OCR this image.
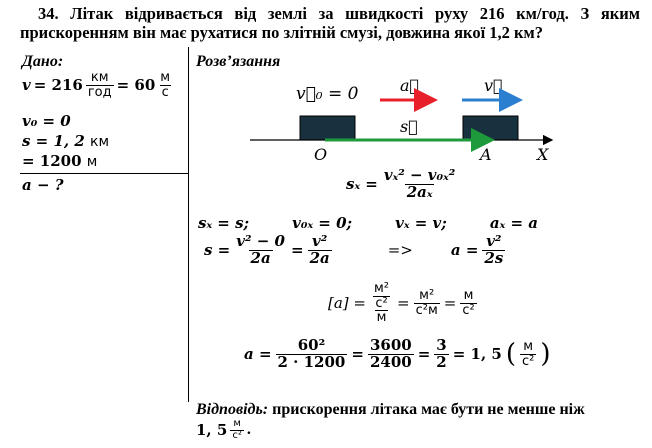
34. Літак відривається від землі за швидкості руху 216 км/год. З яким
прискоренням він має рухатися по злітній смузі, довжина якої 1,2 км?
Дано:
$v = 216 \frac{км}{\text{год}} = 60 \frac{м}{с}$
v₀ = 0
s = 1, 2 км
= 1200 м
a − ?
Розв’язання
v⃗₀ = 0	a⃗	v⃗
s⃗
O	A	X
$s_x = \frac{\text{vₓ² − v₀ₓ²}}{\text{2aₓ}}$
sₓ = s;	v₀ₓ = 0;	vₓ = v;	aₓ = a
$s = \frac{\text{v² − 0}}{2a} = \frac{\text{v²}}{2a}$	=>	$a = \frac{\text{v²}}{2s}$
$[a] = \frac{\frac{\text{м²}}{\text{с²}}}{м} = \frac{\text{м²}}{\text{с²м}} = \frac{м}{\text{с²}}$
$a = \frac{\text{60²}}{2 \cdot 1200} = \frac{3600}{2400} = \frac{3}{2} = 1$, 5 ( $\frac{м}{\text{с²}}$ )
Відповідь: прискорення літака має бути не менше ніж
1, $5 \frac{м}{\text{с²}}$ .
